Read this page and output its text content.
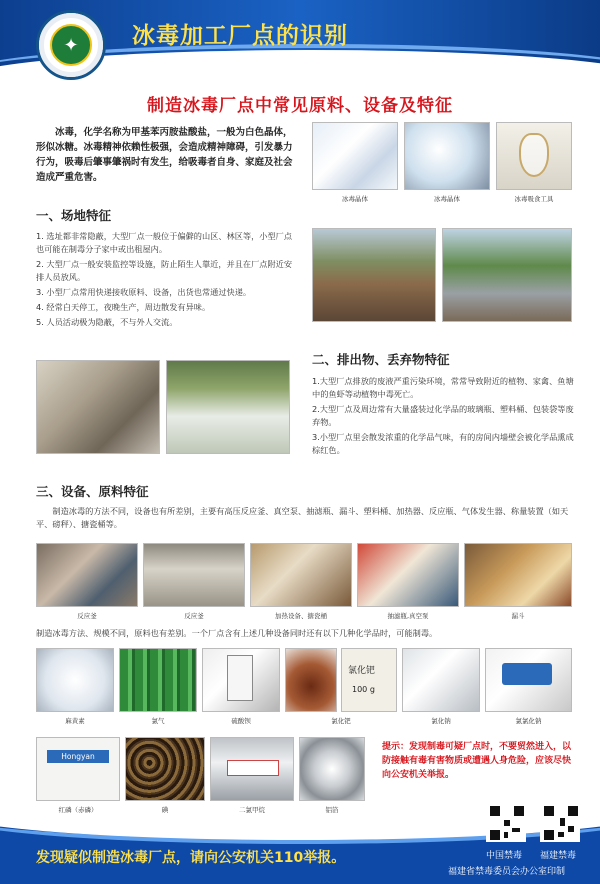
✦	冰毒加工厂点的识别
制造冰毒厂点中常见原料、设备及特征
冰毒，化学名称为甲基苯丙胺盐酸盐，一般为白色晶体，形似冰糖。冰毒精神依赖性极强，会造成精神障碍，引发暴力行为，吸毒后肇事肇祸时有发生，给吸毒者自身、家庭及社会造成严重危害。
冰毒晶体	冰毒晶体	冰毒吸食工具
一、场地特征
1. 选址都非常隐蔽，大型厂点一般位于偏僻的山区、林区等，小型厂点也可能在制毒分子家中或出租屋内。
2. 大型厂点一般安装监控等设施，防止陌生人靠近，并且在厂点附近安排人员放风。
3. 小型厂点常用快递接收原料、设备，出货也常通过快递。
4. 经常白天停工，夜晚生产，周边散发有异味。
5. 人员活动极为隐蔽，不与外人交流。
二、排出物、丢弃物特征
1.大型厂点排放的废液严重污染环境，常常导致附近的植物、家禽、鱼塘中的鱼虾等动植物中毒死亡。
2.大型厂点及周边常有大量盛装过化学品的玻璃瓶、塑料桶、包装袋等废弃物。
3.小型厂点里会散发浓重的化学品气味，有的房间内墙壁会被化学品熏成棕红色。
三、设备、原料特征
制造冰毒的方法不同，设备也有所差别，主要有高压反应釜、真空泵、抽滤瓶、漏斗、塑料桶、加热器、反应瓶、气体发生器、称量装置（如天平、磅秤）、搪瓷桶等。
反应釜	反应釜	加热设备、搪瓷桶	抽滤瓶,真空泵	漏斗
制造冰毒方法、规模不同，原料也有差别。一个厂点含有上述几种设备同时还有以下几种化学品时，可能制毒。
氯化钯
100 g
麻黄素	氯气	硫酸钡	氯化钯	氯化钠	氯氯化钠
Hongyan
红磷（赤磷）	碘	二氯甲烷	铝箔
提示：发现制毒可疑厂点时，不要贸然进入，以防接触有毒有害物质或遭遇人身危险，应该尽快向公安机关举报。
发现疑似制造冰毒厂点，请向公安机关110举报。	中国禁毒 福建禁毒
福建省禁毒委员会办公室印制
